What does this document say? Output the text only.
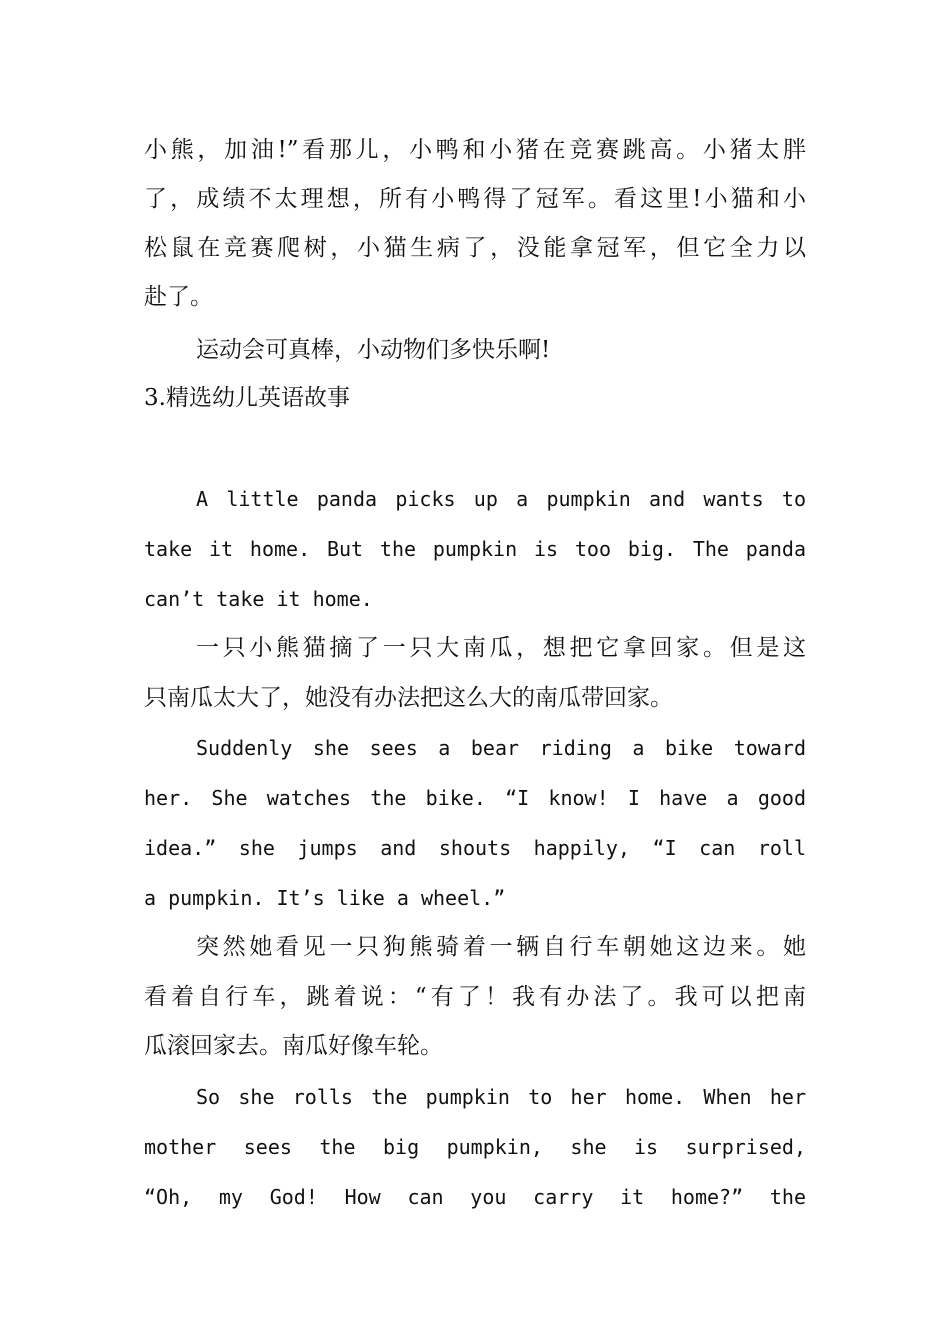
小熊，加油!”看那儿，小鸭和小猪在竞赛跳高。小猪太胖
了，成绩不太理想，所有小鸭得了冠军。看这里!小猫和小
松鼠在竞赛爬树，小猫生病了，没能拿冠军，但它全力以
赴了。
运动会可真棒，小动物们多快乐啊!
3.精选幼儿英语故事
A little panda picks up a pumpkin and wants to
take it home. But the pumpkin is too big. The panda
can’t take it home.
一只小熊猫摘了一只大南瓜，想把它拿回家。但是这
只南瓜太大了，她没有办法把这么大的南瓜带回家。
Suddenly she sees a bear riding a bike toward
her. She watches the bike. “I know! I have a good
idea.” she jumps and shouts happily, “I can roll
a pumpkin. It’s like a wheel.”
突然她看见一只狗熊骑着一辆自行车朝她这边来。她
看着自行车，跳着说：“有了！我有办法了。我可以把南
瓜滚回家去。南瓜好像车轮。
So she rolls the pumpkin to her home. When her
mother sees the big pumpkin, she is surprised,
“Oh, my God! How can you carry it home?” the
